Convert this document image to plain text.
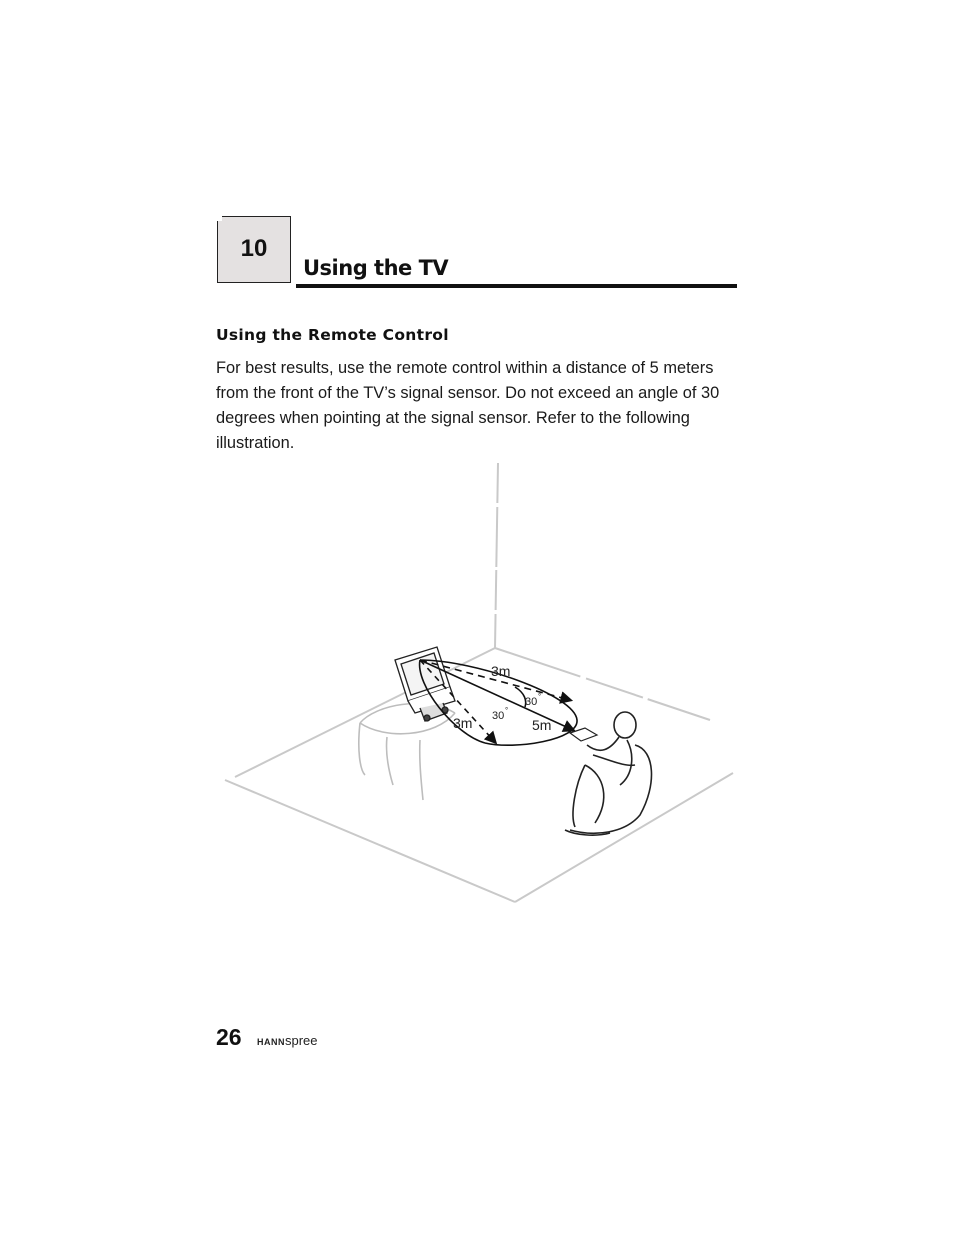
10
Using the TV
Using the Remote Control
For best results, use the remote control within a distance of 5 meters from the front of the TV’s signal sensor. Do not exceed an angle of 30 degrees when pointing at the signal sensor. Refer to the following illustration.
3m
3m	5m
30 °
30 °
26 HANNspree
